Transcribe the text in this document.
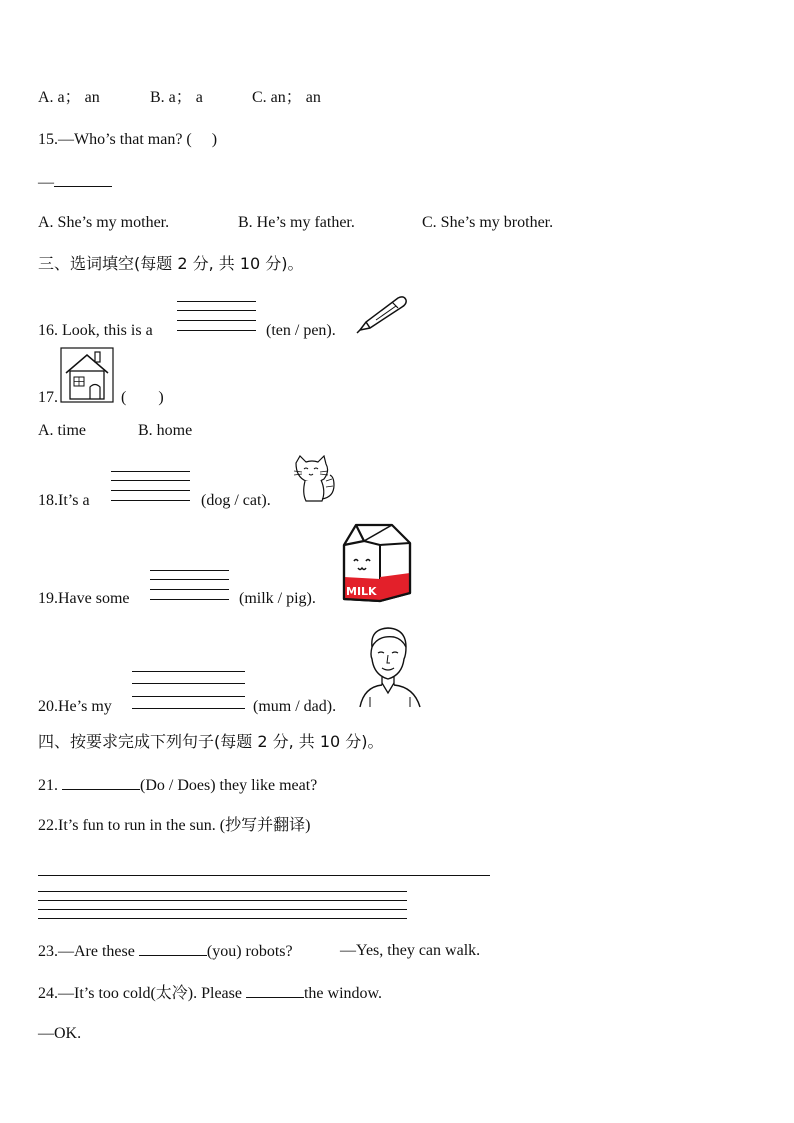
A. a； an	B. a； a	C. an； an
15.—Who’s that man? (　 )
—
A. She’s my mother.	B. He’s my father.	C. She’s my brother.
三、选词填空(每题 2 分, 共 10 分)。
16. Look, this is a	(ten / pen).
17.	(　　)
A. time	B. home
18.It’s a	(dog / cat).
19.Have some	(milk / pig).	MILK
20.He’s my	(mum / dad).
四、按要求完成下列句子(每题 2 分, 共 10 分)。
21.	(Do / Does) they like meat?
22.It’s fun to run in the sun. (抄写并翻译)
23.—Are these	(you) robots?	—Yes, they can walk.
24.—It’s too cold(太冷). Please	the window.
—OK.
